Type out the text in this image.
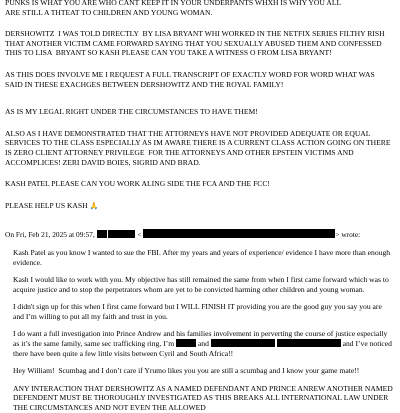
PUNKS IS WHAT YOU ARE WHO CANT KEEP IT IN YOUR UNDERPANTS WHXH IS WHY YOU ALL

ARE STILL A THTEAT TO CHILDREN AND YOUNG WOMAN.

DERSHOWITZ  I WAS TOLD DIRECTLY  BY LISA BRYANT WHI WORKED IN THE NETFIX SERIES FILTHY RISH THAT ANOTHER VICTIM CAME FORWARD SAYING THAT YOU SEXUALLY ABUSED THEM AND CONFESSED THIS TO LISA  BRYANT SO KASH PLEASE CAN YOU TAKE A WITNESS O FROM LISA BRYANT!

AS THIS DOES INVOLVE ME I REQUEST A FULL TRANSCRIPT OF EXACTLY WORD FOR WORD WHAT WAS SAID IN THESE EXACHGES BETWEEN DERSHOWITZ AND THE ROYAL FAMILY!

AS IS MY LEGAL RIGHT UNDER THE CIRCUMSTANCES TO HAVE THEM!

ALSO AS I HAVE DEMONSTRATED THAT THE ATTORNEYS HAVE NOT PROVIDED ADEQUATE OR EQUAL SERVICES TO THE CLASS ESPECIALLY AS IM AWARE THERE IS A CURRENT CLASS ACTION GOING ON THERE IS ZERO CLIENT ATTORNEY PRIVILEGE  FOR THE ATTORNEYS AND OTHER EPSTEIN VICTIMS AND ACCOMPLICES! ZERI DAVID BOIES, SIGRID AND BRAD.

KASH PATEL PLEASE CAN YOU WORK ALING SIDE THE FCA AND THE FCC!

PLEASE HELP US KASH 🙏

On Fri, Feb 21, 2025 at 09:57,	<	> wrote:

Kash Patel as you know I wanted to sue the FBI. After my years and years of experience/ evidence I have more than enough evidence.

Kash I would like to work with you. My objective has still remained the same from when I first came forward which was to acquire justice and to stop the perpetrators whom are yet to be convicted harming other children and young woman.

I didn't sign up for this when I first came forward but I WILL FINISH IT providing you are the good guy you say you are and I’m willing to put all my faith and trust in you.

I do want a full investigation into Prince Andrew and his families involvement in perverting the course of justice especially as it’s the same family, same sec trafficking ring, I’m	and	and I’ve noticed there have been quite a few little visits between Cyril and South Africa!!

Hey William!  Scumbag and I don’t care if Yrumo likes you you are still a scumbag and I know your game mate!!

ANY INTERACTION THAT DERSHOWITZ AS A NAMED DEFENDANT AND PRINCE ANREW ANOTHER NAMED DEFENDENT MUST BE THOROUGHLY INVESTIGATED AS THIS BREAKS ALL INTERNATIONAL LAW UNDER THE CIRCUMSTANCES AND NOT EVEN THE ALLOWED
